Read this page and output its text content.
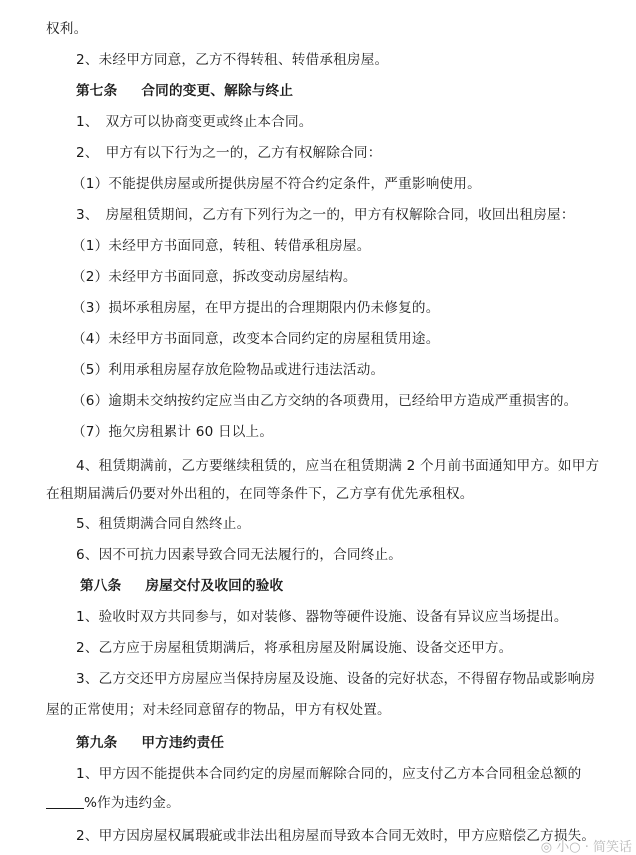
权利。
2、未经甲方同意，乙方不得转租、转借承租房屋。
第七条 合同的变更、解除与终止
1、　双方可以协商变更或终止本合同。
2、　甲方有以下行为之一的，乙方有权解除合同：
（1）不能提供房屋或所提供房屋不符合约定条件，严重影响使用。
3、　房屋租赁期间，乙方有下列行为之一的，甲方有权解除合同，收回出租房屋：
（1）未经甲方书面同意，转租、转借承租房屋。
（2）未经甲方书面同意，拆改变动房屋结构。
（3）损坏承租房屋，在甲方提出的合理期限内仍未修复的。
（4）未经甲方书面同意，改变本合同约定的房屋租赁用途。
（5）利用承租房屋存放危险物品或进行违法活动。
（6）逾期未交纳按约定应当由乙方交纳的各项费用，已经给甲方造成严重损害的。
（7）拖欠房租累计 60 日以上。
4、租赁期满前，乙方要继续租赁的，应当在租赁期满 2 个月前书面通知甲方。如甲方
在租期届满后仍要对外出租的，在同等条件下，乙方享有优先承租权。
5、租赁期满合同自然终止。
6、因不可抗力因素导致合同无法履行的，合同终止。
第八条 房屋交付及收回的验收
1、验收时双方共同参与，如对装修、器物等硬件设施、设备有异议应当场提出。
2、乙方应于房屋租赁期满后，将承租房屋及附属设施、设备交还甲方。
3、乙方交还甲方房屋应当保持房屋及设施、设备的完好状态，不得留存物品或影响房
屋的正常使用；对未经同意留存的物品，甲方有权处置。
第九条 甲方违约责任
1、甲方因不能提供本合同约定的房屋而解除合同的，应支付乙方本合同租金总额的
%作为违约金。
2、甲方因房屋权属瑕疵或非法出租房屋而导致本合同无效时，甲方应赔偿乙方损失。
◎ 小○ · 简笑话
